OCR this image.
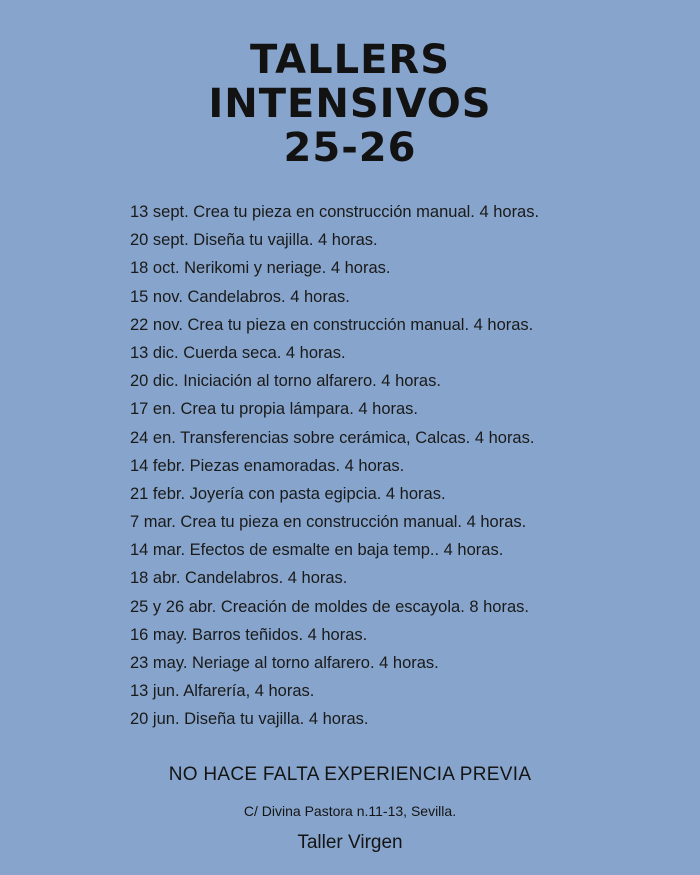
TALLERS
INTENSIVOS
25-26
13 sept. Crea tu pieza en construcción manual. 4 horas.
20 sept. Diseña tu vajilla. 4 horas.
18 oct. Nerikomi y neriage. 4 horas.
15 nov. Candelabros. 4 horas.
22 nov. Crea tu pieza en construcción manual. 4 horas.
13 dic. Cuerda seca. 4 horas.
20 dic. Iniciación al torno alfarero. 4 horas.
17 en. Crea tu propia lámpara. 4 horas.
24 en. Transferencias sobre cerámica, Calcas. 4 horas.
14 febr. Piezas enamoradas. 4 horas.
21 febr. Joyería con pasta egipcia. 4 horas.
7 mar. Crea tu pieza en construcción manual. 4 horas.
14 mar. Efectos de esmalte en baja temp.. 4 horas.
18 abr. Candelabros. 4 horas.
25 y 26 abr. Creación de moldes de escayola. 8 horas.
16 may. Barros teñidos. 4 horas.
23 may. Neriage al torno alfarero. 4 horas.
13 jun. Alfarería, 4 horas.
20 jun. Diseña tu vajilla. 4 horas.
NO HACE FALTA EXPERIENCIA PREVIA
C/ Divina Pastora n.11-13, Sevilla.
Taller Virgen
